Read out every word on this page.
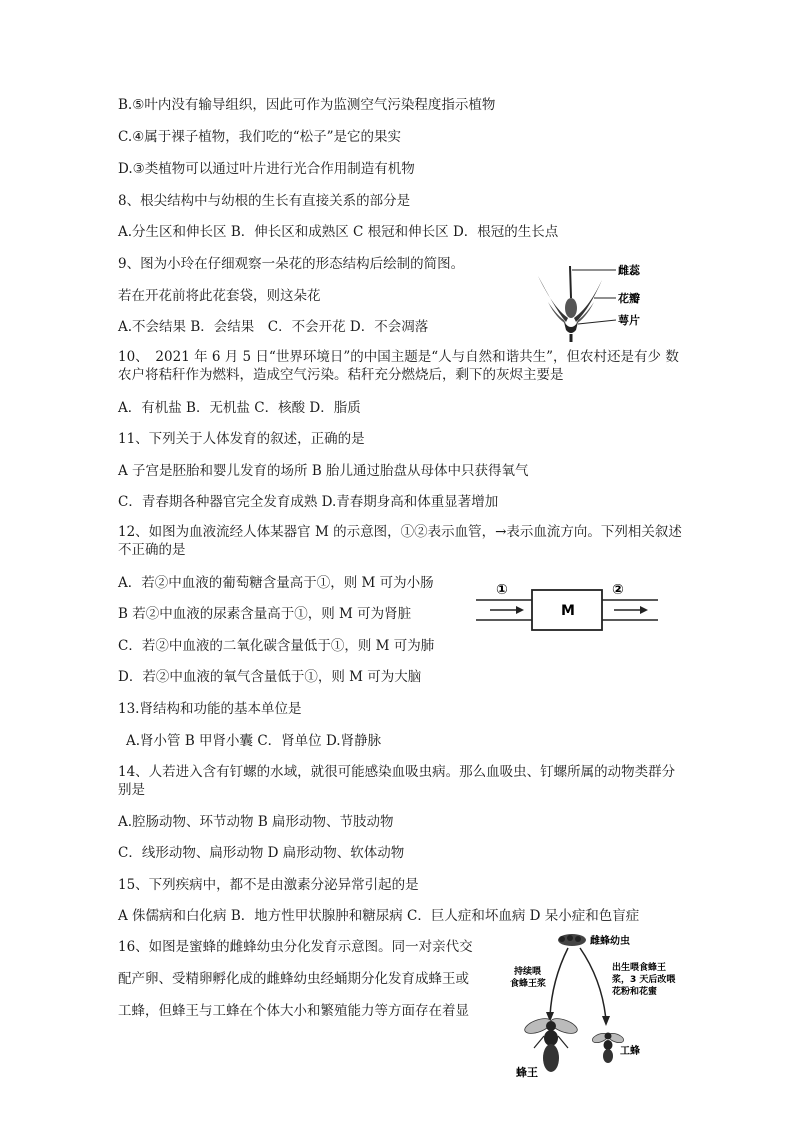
B.⑤叶内没有输导组织，因此可作为监测空气污染程度指示植物
C.④属于裸子植物，我们吃的“松子”是它的果实
D.③类植物可以通过叶片进行光合作用制造有机物
8、根尖结构中与幼根的生长有直接关系的部分是
A.分生区和伸长区 B．伸长区和成熟区 C 根冠和伸长区 D．根冠的生长点
9、图为小玲在仔细观察一朵花的形态结构后绘制的简图。
若在开花前将此花套袋，则这朵花
A.不会结果 B．会结果　C．不会开花 D．不会凋落
雌蕊
花瓣
萼片
10、　2021 年 6 月 5 日“世界环境日”的中国主题是“人与自然和谐共生”，但农村还是有少 数农户将秸秆作为燃料，造成空气污染。秸秆充分燃烧后，剩下的灰烬主要是
A．有机盐 B．无机盐 C．核酸 D．脂质
11、下列关于人体发育的叙述，正确的是
A 子宫是胚胎和婴儿发育的场所 B 胎儿通过胎盘从母体中只获得氧气
C．青春期各种器官完全发育成熟 D.青春期身高和体重显著增加
12、如图为血液流经人体某器官 M 的示意图，①②表示血管，→表示血流方向。下列相关叙述不正确的是
A．若②中血液的葡萄糖含量高于①，则 M 可为小肠
B 若②中血液的尿素含量高于①，则 M 可为肾脏
C．若②中血液的二氧化碳含量低于①，则 M 可为肺
D．若②中血液的氧气含量低于①，则 M 可为大脑
①	②
M
13.肾结构和功能的基本单位是
A.肾小管 B 甲肾小囊 C．肾单位 D.肾静脉
14、人若进入含有钉螺的水域，就很可能感染血吸虫病。那么血吸虫、钉螺所属的动物类群分别是
A.腔肠动物、环节动物 B 扁形动物、节肢动物
C．线形动物、扁形动物 D 扁形动物、软体动物
15、下列疾病中，都不是由激素分泌异常引起的是
A 侏儒病和白化病 B．地方性甲状腺肿和糖尿病 C．巨人症和坏血病 D 呆小症和色盲症
16、如图是蜜蜂的雌蜂幼虫分化发育示意图。同一对亲代交
配产卵、受精卵孵化成的雌蜂幼虫经蛹期分化发育成蜂王或
工蜂，但蜂王与工蜂在个体大小和繁殖能力等方面存在着显
雌蜂幼虫
持续喂
食蜂王浆
出生喂食蜂王
浆，3 天后改喂
花粉和花蜜
蜂王
工蜂
